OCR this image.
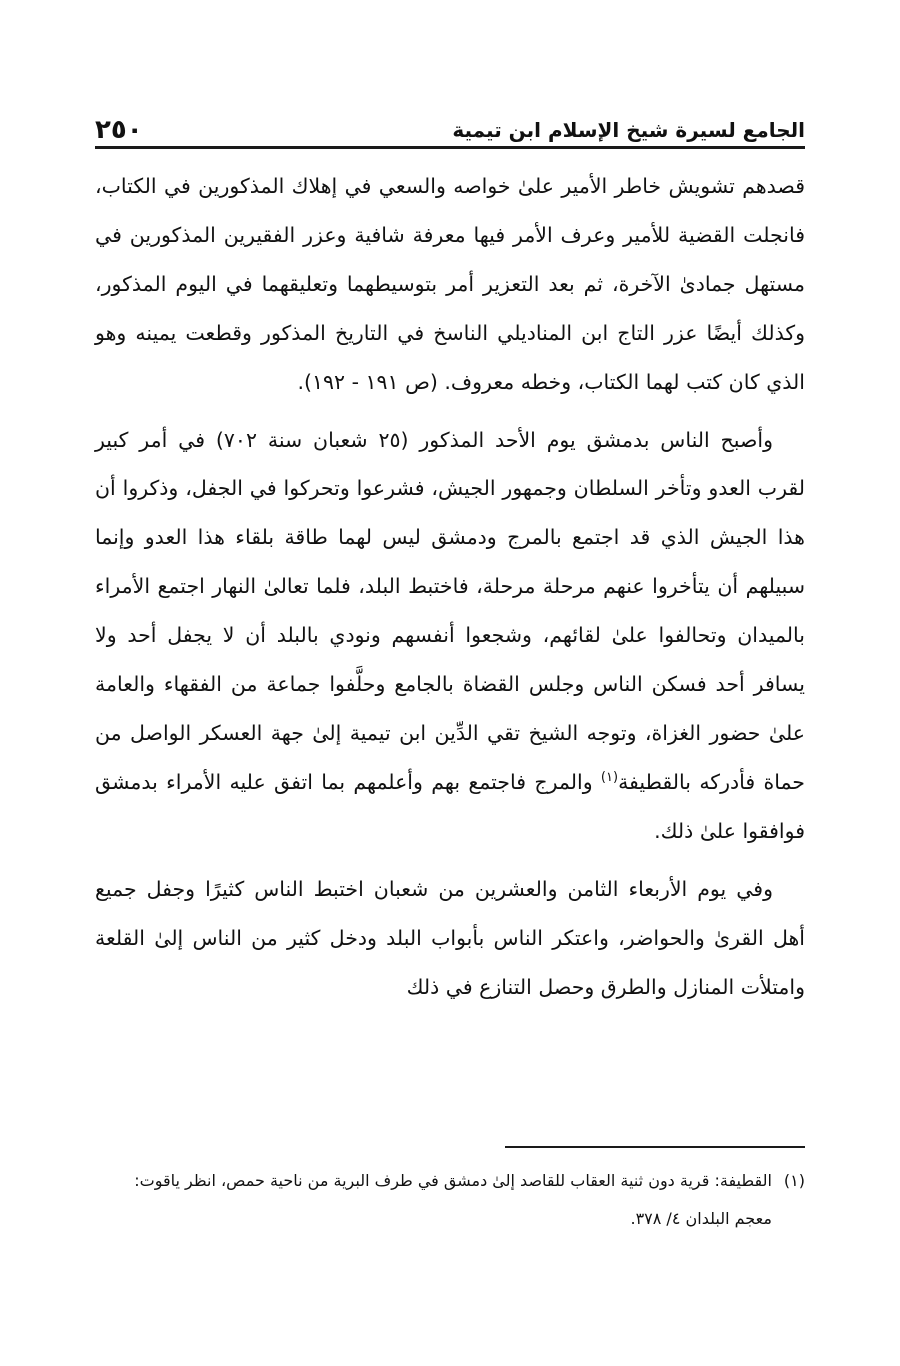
الجامع لسيرة شيخ الإسلام ابن تيمية
٢٥٠

قصدهم تشويش خاطر الأمير علىٰ خواصه والسعي في إهلاك المذكورين في الكتاب، فانجلت القضية للأمير وعرف الأمر فيها معرفة شافية وعزر الفقيرين المذكورين في مستهل جمادىٰ الآخرة، ثم بعد التعزير أمر بتوسيطهما وتعليقهما في اليوم المذكور، وكذلك أيضًا عزر التاج ابن المناديلي الناسخ في التاريخ المذكور وقطعت يمينه وهو الذي كان كتب لهما الكتاب، وخطه معروف. (ص ١٩١ - ١٩٢).

وأصبح الناس بدمشق يوم الأحد المذكور (٢٥ شعبان سنة ٧٠٢) في أمر كبير لقرب العدو وتأخر السلطان وجمهور الجيش، فشرعوا وتحركوا في الجفل، وذكروا أن هذا الجيش الذي قد اجتمع بالمرج ودمشق ليس لهما طاقة بلقاء هذا العدو وإنما سبيلهم أن يتأخروا عنهم مرحلة مرحلة، فاختبط البلد، فلما تعالىٰ النهار اجتمع الأمراء بالميدان وتحالفوا علىٰ لقائهم، وشجعوا أنفسهم ونودي بالبلد أن لا يجفل أحد ولا يسافر أحد فسكن الناس وجلس القضاة بالجامع وحلَّفوا جماعة من الفقهاء والعامة علىٰ حضور الغزاة، وتوجه الشيخ تقي الدِّين ابن تيمية إلىٰ جهة العسكر الواصل من حماة فأدركه بالقطيفة$^{(١)}$ والمرج فاجتمع بهم وأعلمهم بما اتفق عليه الأمراء بدمشق فوافقوا علىٰ ذلك.

وفي يوم الأربعاء الثامن والعشرين من شعبان اختبط الناس كثيرًا وجفل جميع أهل القرىٰ والحواضر، واعتكر الناس بأبواب البلد ودخل كثير من الناس إلىٰ القلعة وامتلأت المنازل والطرق وحصل التنازع في ذلك

(١)

القطيفة: قرية دون ثنية العقاب للقاصد إلىٰ دمشق في طرف البرية من ناحية حمص، انظر ياقوت: معجم البلدان ٤/ ٣٧٨.
